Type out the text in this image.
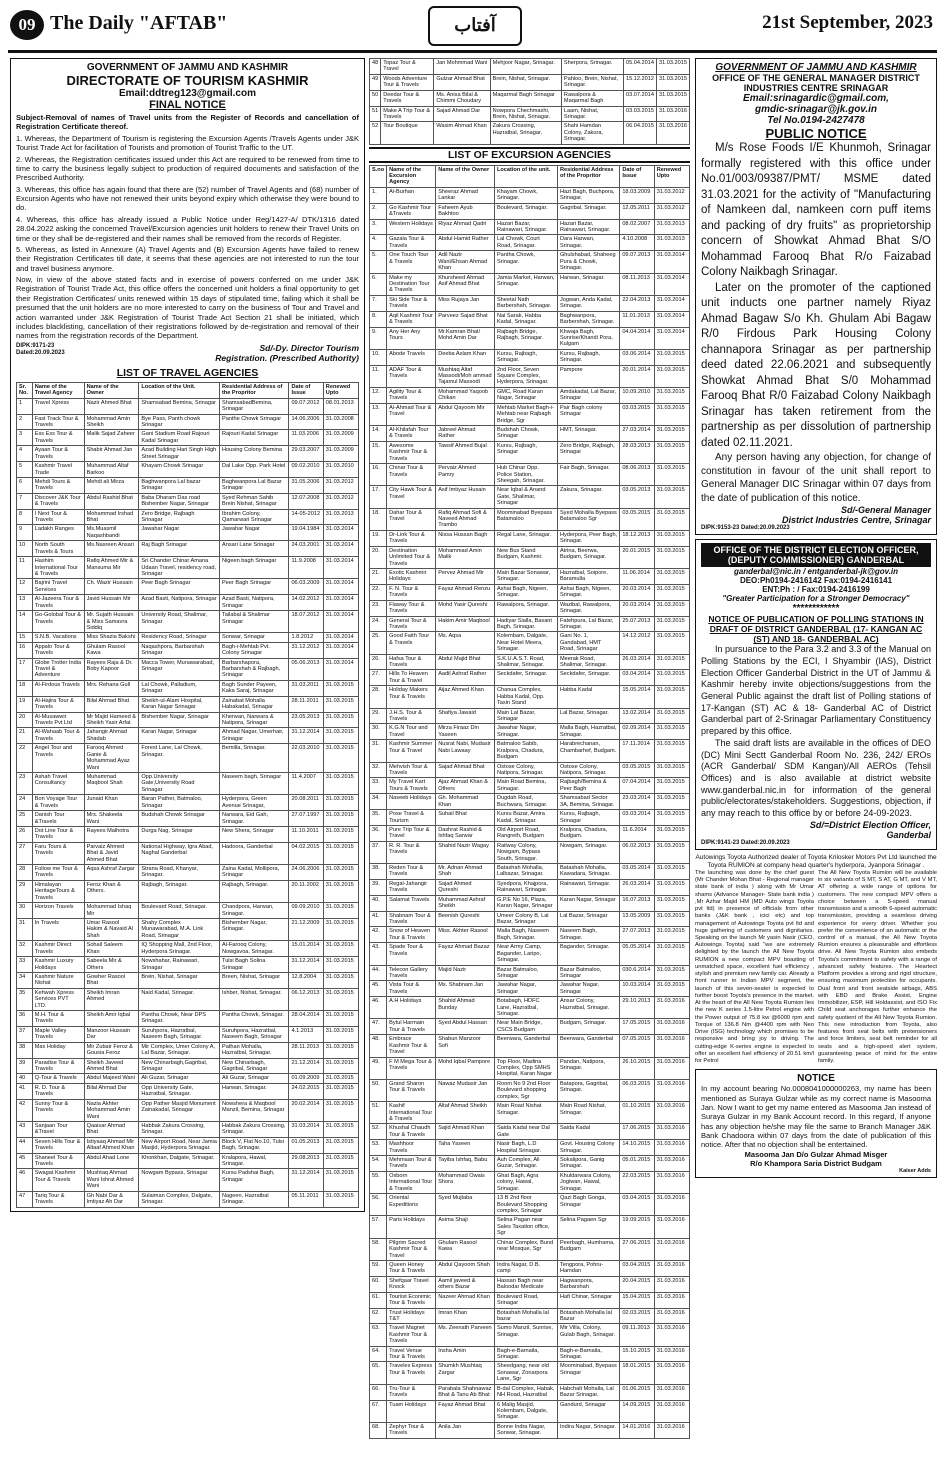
09 The Daily "AFTAB"	آفتاب	21st September, 2023
GOVERNMENT OF JAMMU AND KASHMIR
DIRECTORATE OF TOURISM KASHMIR
Email:ddtreg123@gmail.com
FINAL NOTICE

Subject-Removal of names of Travel units from the Register of Records and cancellation of Registration Certificate thereof.

1. Whereas, the Department of Tourism is registering the Excursion Agents /Travels Agents under J&K Tourist Trade Act for facilitation of Tourists and promotion of Tourist Traffic to the UT.

2. Whereas, the Registration certificates issued under this Act are required to be renewed from time to time to carry the business legally subject to production of required documents and satisfaction of the Prescribed Authority.

3. Whereas, this office has again found that there are (52) number of Travel Agents and (68) number of Excursion Agents who have not renewed their units beyond expiry which otherwise they were bound to do.

4. Whereas, this office has already issued a Public Notice under Reg/1427-A/ DTK/1316 dated 28.04.2022 asking the concerned Travel/Excursion agencies unit holders to renew their Travel Units on time or they shall be de-registered and their names shall be removed from the records of Register.

5. Whereas, as listed in Annexure (A) Travel Agents and (B) Excursion Agents have failed to renew their Registration Certificates till date, it seems that these agencies are not interested to run the tour and travel business anymore.

Now, in view of the above stated facts and in exercise of powers conferred on me under J&K Registration of Tourist Trade Act, this office offers the concerned unit holders a final opportunity to get their Registration Certificates/ units renewed within 15 days of stipulated time, failing which it shall be presumed that the unit holders are no more interested to carry on the business of Tour and Travel and action warranted under J&K Registration of Tourist Trade Act Section 21 shall be initiated, which includes blacklisting, cancellation of their registrations followed by de-registration and removal of their names from the registration records of the Department.

DIPK:9171-23
Dated:20.09.2023
Sd/-Dy. Director Tourism
Registration. (Prescribed Authority)
LIST OF TRAVEL AGENCIES
Sr. No.	Name of the Travel Agency	Name of the Owner	Location of the Unit.	Residential Address of the Propritor	Date of Issue	Renewed Upto
1	Travel Xpress	Nazir Ahmed Bhat	Shamsabad Bemina, Srinagar	ShamsabadBemina, Srinagar	09.07.2012	08.01.2013
2	Fast Track Tour & Travels	Mohammad Amin Sheikh	Bye Pass, Panth chowk Srinagar	Panthe Chowk Srinagar	14.06.2006	31.03.2008
3	Ess Ess Tour & Travels	Malik Sajad Zaheer	Gani Stadium Road Rajouri Kadal Srinagar	Rajouri Kadal Srinagar	11.03.2006	31.03.2009
4	Ayaan Tour & Travels	Shabir Ahmad Jan	Azad Building Hari Singh High Street Srinagar	Housing Colony Bemina	29.03.2007	31.03.2009
5	Kashmir Travel Trade	Muhammad Altaf Barkoo	Khayam Chowk Srinagar	Dal Lake Opp. Park Hotel	09.02.2010	31.03.2010
6	Mehdi Tours & Travels	Mehdi ali Mirza	Baghwanpora Lal bazar Srinagar	Baghwanpora Lal Bazar Srinagar	31.05.2006	31.03.2012
7	Discover J&K Tour & Travels	Abdul Rashid Bhat	Baba Dharam Das road Bishember Nagar, Srinagar	Syed Rehman Sahib Brein Nishat, Srinagar	12.07.2008	31.03.2012
8	I Next Tour & Travels	Mohammad Irshad Bhat	Zero Bridge, Rajbagh Srinagar	Ibrahim Colony, Qamarwari Srinagar	14-05-2012	31.03.2013
9	Ladakh Ranges	Ms.Muasmil Naqashbandi	Jawahar Nagar	Jawahar Nagar	19.04.1984	31.03.2014
10	North South Travels & Tours	Ms.Nasreen Ansari	Raj Bagh Srinagar	Ansari Lane Srinagar	24.03.2001	31.03.2014
11	Hashim International Tour & Travels	Rafiq Ahmed Mir & Mansuma Mir	Sri Chander Chinar Amana Udaan Travel, residency road, Srinagar	Nigeen bagh Srinagar	11.9.2008	31.03.2014
12	Bajrini Travel Services	Ch. Wazir Hussain	Peer Bagh Srinagar	Peer Bagh Srinagar	06.03.2009	31.03.2014
13	Al-Jazeera Tour & Travels	Javid Hussain Mir	Azad Basti, Natipora, Srinagar	Azad Basti, Natipora, Srinagar	14.02.2012	31.03.2014
14	Go-Golobal Tour & Travels	Mr. Sujath Hussain & Miss Samavra Siddiq	University Road, Shalimar, Srinagar	Tailabal & Shalimar Srinagar	18.07.2012	31.03.2014
15	S.N.B. Vacations	Miss Shazia Bakshi	Residency Road, Srinagar	Sonwar, Srinagar	1.8.2012	31.03.2014
16	Appalo Tour & Travels	Ghulam Rasool Kawa	Naqashpora, Barbarshah Srinagar	Bagh-i-Mehtab Pvt. Colony Srinagar	31.12.2012	31.03.2014
17	Globe Trotter India Travel & Adventure	Rayees Raja & Dr. Boby Kapoor	Macca Tower, Munawarabad, Srinagar	Barbarshapora, Barbarshah & Rajbagh, Srinagar	05.06.2013	31.03.2014
18	Al-Firdous Travels	Mrs. Rehana Gull	Lal Chowk, Palladium, Srinagar	Bagh Sunder Payeen, Kaka Saraj, Srinagar	31.03.2011	31.03.2015
19	Al-Hajira Tour & Travels	Bilal Ahmad Bhat	Sheikh-ul-Alam Hospital, Karan Nagar Srinagar	Zainabat Mohalla Habakadal, Srinagar	28.11.2011	31.03.2015
20	Al-Musawwir Travels Pvt Ltd	Mr Majid Hameed & Sheikh Yasir Arfat	Bishember Nagar, Srinagar	Kherwan, Narwara & Natipora, Srinagar	23.05.2013	31.03.2015
21	Al-Wahaab Tour & Travels	Jahangir Ahmad Shadab	Karan Nagar, Srinagar	Ahmad Nagar, Umerhair, Srinagar	31.12.2014	31.03.2015
22	Angel Tour and Travels	Farooq Ahmed Ganie & Mohammad Ayaz Wani	Forest Lane, Lal Chowk, Srinagar.	Bemilla, Srinagar.	22.03.2010	31.03.2015
23	Ashah Travel Consultancy	Muhammad Maqbool Shah	Opp.University Gate,University Road Srinagar	Naseem bagh, Srinagar	11.4.2007	31.03.2015
24	Bon Voyage Tour & Travels	Junaid Khan	Baran Pather, Batmaloo, Srinagar	Hyderpora, Green Avenue Srinagar,	20.08.2011	31.03.2015
25	Danish Tour &Travels	Mrs. Shakeela Wani	Budshah Chowk Srinagar	Narwara, Eid Gah, Srinagar.	27.07.1997	31.03.2015
26	Dot Line Tour & Travels	Rayees Malhotra	Durga Nag, Srinagar	New Shera, Srinagar	11.10.2011	31.03.2015
27	Faru Tours & Travels	Parvaiz Ahmed Bhat & Javid Ahmed Bhat	National Highway, Igra Abad, Naghal Ganderbal	Hadoora, Ganderbal	04.02.2015	31.03.2015
28	Follow me Tour & Travels	Aqsa Ashraf Zargar	Strana Road, Khanyar, Srinagar.	Zaina Kadal, Mollipora, Srinagar	24.06.2006	31.03.2015
29	Himalayan HeritageTours & Travels	Feroz Khan & Others.	Rajbagh, Srinagar.	Rajbagh, Srinagar.	20.11.2002	31.03.2015
30	Horizon Travels	Mohammad Ishaq Mir	Boulevard Road, Srinagar.	Chandpora, Harwan, Srinagar.	09.09.2010	31.03.2015
31	In Travels	Umar Rasool Hakim & Navaid Al Shah	Shahy Complex Munawarabad, M.A. Link Road, Srinagar	Bishember Nagar, Srinagar.	21.12.2009	31.03.2015
32	Kashmir Direct Travels	Sohail Saleem Khan	IQ Shopping Mall, 2nd Floor, Hyderpora Srinagar.	Al-Farooq Colony, Nowgavoa, Srinagar.	15.01.2014	31.03.2015
33	Kashmir Luxury Holidays	Sabeela Mir & Others	Nowshahar, Rainawari, Srinagar	Tulsi Bagh Solina Srinagar	31.12.2014	31.03.2015
34	Kashmir Nature Nishat	Gowher Rasool Bhat	Brein, Nishat, Srinagar	Breen, Nishat, Srinagar	12.8.2004	31.03.2015
35	Kehwah Xpress Services PVT LTD.	Sheikh Imran Ahmed	Naid Kadal, Srinagar.	Ishber, Nishat, Srinagar.	06.12.2013	31.03.2015
36	M.H. Tour & Travels	Sheikh Amir Iqbal	Pantha Chowk, Near DPS Srinagar.	Pantha Chowk, Srinagar.	28.04.2014	31.03.2015
37	Maple Valley Travels	Manzoor Hussain Dar	Suruhpora, Hazratbal, Naseem Bagh, Srinagar.	Suruhpora, Hazratbal, Naseem Bagh, Srinagar	4.1.2013	31.03.2015
38	Max Holiday	Mir Zubair Feroz & Gousia Feroz	Mir Complex, Umer Colony A, Lal Bazar, Srinagar.	Pathan Mohalla, Hazratbal, Srinagar.	28.11.2013	31.03.2015
39	Paradise Tour & Travels	Sheikh Javeed Ahmed Bhat	New Chinarbagh,Gagribal, Srinagar	New Chinarbagh, Gagribal, Srinagar	21.12.2014	31.03.2015
40	Q-Tour & Travels	Abdul Majeed Wani	Ali Guzar, Srinagar	Ali Guzar, Srinagar	01.09.2009	31.03.2015
41	R. D. Tour & Travels	Bilal Ahmad Dar	Opp University Gate, Hazratbal, Srinagar.	Harwan, Srinagar.	24.02.2015	31.03.2015
42	Sunny Tour & Travels	Nazia Akhter Mohammad Amin Wani	Opp Pather Masjid Monument Zainakadal, Srinagar	Nowshera & Maqbool Manzil, Bemina, Srinagar	20.02.2014	31.03.2015
43	Sanjaan Tour &Travel	Qaaisar Ahmad Bhat	Habbak Zakura Crossing, Srinagar.	Habbak Zakura Crossing, Srinagar.	31.03.2014	31.03.2015
44	Seven Hills Tour & Travels	Istiyaaq Ahmad Mir Altaaf Ahmed Khan	New Airport Road, Near Jamia Masjid, Hyderpora Srinagar.	Block V, Flat No.10, Tulsi Bagh, Srinagar.	01.05.2013	31.03.2015
45	Shaneel Tour & Travels	Abdul Ahad Lone	Khonkhan, Dalgate, Srinagar.	Kralapora, Hawal, Srinagar.	29.08.2013	31.03.2015
46	Swagat Kashmir Tour & Travels	Mushtaq Ahmad Wani Ishrat Ahmed Wani	Nowgam Bypass, Srinagar	Kursu Padshai Bagh, Srinagar	31.12.2014	31.03.2015
47	Tariq Tour & Travels	Gh Nabi Dar & Imtiyaz Ah Dar	Sulaiman Complex, Dalgate, Srinagar.	Nageen, Hazratbal Srinagar.	05.11.2011	31.03.2015
48	Topaz Tour & Travel	Jan Mohmmad Wani	Mehjoor Nagar, Srinagar.	Sherpora, Srinagar.	05.04.2014	31.03.2015
49	Woods Adventure Tour & Travels	Gulzar Ahmad Bhat	Brein, Nishat, Srinagar.	Pahloo, Brein, Nishat, Srinagar.	15.12.2012	31.03.2015
50	Deedar Tour & Travels	Ms. Anisa Bilal & Chimmi Choudary	Maqarmal Bagh Srinagar	Rawalpora & Maqarmal Bagh	03.07.2014	31.03.2015
51	Make A Trip Tour & Travels	Sajad Ahmad Dar	Nowpora Chechmashi, Brein, Nishat, Srinagar.	Laam, Nishat, Srinagar.	03.03.2015	31.03.2016
52	Tour Boutique	Wasim Ahmad Khan	Zakura Crossing, Hazratbal, Srinagar.	Shahi Hamdan Colony, Zakura, Srinagar.	06.04.2015	31.03.2016
LIST OF EXCURSION AGENCIES
S.no	Name of the Excursion Agency	Name of the Owner	Location of the unit.	Residential Address of the Propritor	Date of Issue	Renewed Upto
1.	Al-Burhan	Sheeraz Ahmad Lankar	Khayam Chowk, Srinagar.	Hazi Bagh, Buchpora, Srinagar.	18.03.2009	31.03.2012
2.	Go Kashmir Tour &Travels	Faheem Ayub Bakhtoo	Boulevard, Srinagar.	Gagribal, Srinagar.	12.05.2011	31.03.2012
3.	Western Holidays	Riyaz Ahmad Qadri	Hazari Bazar, Rainawari, Srinagar.	Hazari Bazar, Rainawari, Srinagar.	08.02.2007	31.03.2013
4.	Gazala Tour & Travels	Abdul Hamid Rather	Lal Chowk, Court Road, Srinagar.	Dara Harwan, Srinagar.	4.10.2008	31.03.2013
5.	One Touch Tour & Travels	Adil Nazir Wani/Ehsan Ahmad Khan	Pantha Chowk, Srinagar.	Ghulshabad, Shaheeg Pura & Chowk, Srinagar.	09.07.2013	31.03.2014
6.	Make my Destination Tour & Travels	Khursheed Ahmad Asif Ahmad Bhat	Jamia Market, Harwan, Srinagar.	Harwan, Srinagar.	08.11.2013	31.03.2014
7.	Ski Side Tour & Travels	Miss Rujaya Jan	Sheetal Nath Barbershah, Srinagar.	Jogwan, Anda Kadal, Srinagar.	22.04.2013	31.03.2014
8.	Aqil Kashmir Tour & Travels	Parveez Sajad Bhat	Nai Sarak, Habba Kadal, Srinagar.	Baghwanpora, Barbershah, Srinagar.	11.01.2013	31.03.2014
9.	Any Her Any Tours	Mr.Kamran Bhat/ Mohd Amin Dar	Rajbagh Bridge, Rajbagh, Srinagar.	Khwaja Bagh, Sunrise/Khandi Pora, Kulgam	04.04.2014	31.03.2014
10.	Abode Travels	Deeba Aslam Khan	Kursu, Rajbagh, Srinagar.	Kursu, Rajbagh, Srinagar.	03.06.2014	31.03.2015
11.	ADAF Tour & Travels	Mushtaq Altaf Massodi/Moh ammad Tajamul Massodi	2nd Floor, Seven Square Complex, Hyderpora, Srinagar.	Pampore	20.01.2014	31.03.2015
12.	Agility Tour & Travels	Mohammad Yaqoob Chikan	GMC, Road Karan Nagar, Srinagar	Amdakadal, Lal Bazar, Srinagar	10.09.2010	31.03.2015
13.	Al-Ahmad Tour & Travel	Abdul Qayoom Mir	Mehtab Market Bagh-i-Mehtab near Rajbagh Bridge, Sgr	Pair Bagh colony Srinagar	03.03.2015	31.03.2015
14.	Al-Khilafah Tour & Travels	Jabreel Ahmad Rather	Budshah Chowk, Srinagar	HMT, Srinagar.	27.03.2014	31.03.2015
15.	Awesome Kashmir Tour & Travels	Tawsif Ahmed Bujal	Kursu, Rajbagh, Srinagar	Zero Bridge, Rajbagh, Srinagar	28.03.2013	31.03.2015
16.	Chinar Tour & Travels	Pervaiz Ahmed Pamry	Hub Chinar Opp. Police Station, Sheegah, Srinagar.	Fair Bagh, Srinagar.	08.06.2013	31.03.2015
17.	City Hawk Tour & Travel	Asif Imtiyaz Husain	Near Iqbal & Anand Gate, Shalimar, Srinagar	Zakura, Srinagar.	03.05.2013	31.03.2015
18.	Dahar Tour & Travel	Rafiq Ahmad Sofi & Naveed Ahmad Trambo	Moominabad Byepass Batamaloo	Syed Mohalla Byepass Batamaloo Sgr	03.05.2015	31.03.2015
19.	Dr-Link Tour & Travels	Nissa Hussan Bagh	Regal Lane, Srinagar.	Hyderpora, Peer Bagh, Srinagar.	18.12.2013	31.03.2015
20.	Destination Unlimited Tour & Travels	Mohammad Amin Malik	New Bus Stand Budgam, Kashmir.	Atrina, Beerwa, Budgam, Srinagar.	20.01.2015	31.03.2015
21.	Exotic Kashmir Holidays	Pervez Ahmad Mir	Main Bazar Sonawar, Srinagar.	Hazratbal, Soipore, Baramulla	11.06.2014	31.03.2015
22.	F. N. Tour & Travels	Fayaz Ahmad Renzu	Ashai Bagh, Nigeen, Srinagar.	Ashai Bagh, Nigeen, Srinagar.	20.03.2014	31.03.2015
23.	Flaway Tour & Travels	Mohd Yasir Qureshi	Rawalpora, Srinagar.	Wazibal, Rawalpora, Srinagar.	20.03.2014	31.03.2015
24.	General Tour & Travels	Hakim Amir Maqbool	Hadiyar Sialla, Basant Bagh, Srinagar.	Fatehpura, Lal Bazar, Srinagar.	25.07.2013	31.03.2015
25.	Good Faith Tour & Travels	Ms. Aqsa	Kolembam, Dalgate, Near Hotel Meera, Srinagar.	Gani No. 1, Gandabad, HMT Road, Srinagar	14.12.2012	31.03.2015
26.	Hafsa Tour & Travels	Abdul Majid Bhat	S.K.U.A.S.T. Road, Shalimar, Srinagar.	Meerak Road, Shalimar, Srinagar.	26.03.2014	31.03.2015
27.	Hills To Heaven Tour & Travel	Aadil Ashraf Rather	Seckdafer, Srinagar.	Seckdafer, Srinagar.	03.04.2014	31.03.2015
28.	Holiday Makers Tour & Travels	Aijaz Ahmed Khan	Chanua Complex, Habba Kadal, Opp. Taxin Stand	Habba Kadal	15.05.2014	31.03.2015
29.	J.H.S. Tour & Travels	Shafiya Jawaid	Main Lal Bazar, Srinagar	Lal Bazar, Srinagar.	13.02.2014	31.03.2015
30.	K.G.N Tour and Travel	Mirza Firaaz Din Yaseen	Jawahar Nagar, Srinagar.	Malla Bagh, Hazratbal, Srinagar.	02.09.2014	31.03.2015
31.	Kashmir Summer Tour & Travel	Nusrat Nabi, Mudasir Nabi Lawaay	Batmaloo Sabib, Kralpora, Chadura, Budgam	Harabrechanan, Chambarhef, Budgam.	17.11.2014	31.03.2015
32.	Mehvish Tour & Travels	Sajad Ahmad Bhat	Ostose Colony, Natipora, Srinagar.	Ostose Colony, Natipora, Srinagar.	03.05.2015	31.03.2015
33.	My Travel Kart Tours & Travels	Ajaz Ahmad Khan & Others	Main Road Bemina, Srinagar.	Rajbagh/Bemina & Peer Bagh	07.04.2014	31.03.2015
34.	Naseeb Holidays	Gh. Mohammad Khan	Dugdah Road, Buchwara, Srinagar.	Shamsabad Sector 3A, Bemina, Srinagar.	23.03.2014	31.03.2015
35.	Pose Travel & Tourism	Suhail Bhat	Kursu Bazar, Amira Kadal, Srinagar.	Kursu, Rajbagh, Srinagar	03.03.2014	31.03.2015
36.	Pure Trip Tour & Travel	Dashrat Rashid & Ishfaq Sarwar	Old Airport Road, Rangreth, Budgam	Kralpora, Chadura, Budgam.	11.6.2014	31.03.2015
37.	R. R. Tour & Travels	Shahid Nazir Wagay	Railway Colony, Nowgam, Bypass South, Srinagar.	Nowgam, Srinagar.	06.02.2013	31.03.2015
38.	Reden Tour & Travels	Mr. Adnan Ahmad Shah	Batashah Mohalla, Lalbazar, Srinagar.	Batashah Mohalla, Kawadara, Srinagar.	03.05.2014	31.03.2015
39.	Regal-Jahangir Travels	Sajad Ahmed Qureshi	Syedpora, Khajpora, Rainawari, Srinagar.	Rainawari, Srinagar.	26.03.2014	31.03.2015
40.	Salamat Travels	Muhammad Ashraf Sheikh	G.P.E No 16, Plaza, Karan Nagar, Srinagar	Karan Nagar, Srinagar	16.07.2013	31.03.2015
41.	Shabnam Tour & Travels	Beenish Qureshi	Umeer Colony B, Lal Bazar, Srinagar	Lal Bazar, Srinagar	13.05.2009	31.03.2015
42.	Snow of Heaven Tour & Travels	Miss. Akhter Rasool	Malla Bagh, Naseem Bagh, Srinagar.	Naseem Bagh, Srinagar.	27.07.2013	31.03.2015
43.	Spade Tour & Travels	Fayaz Ahmad Bazaz	Near Army Camp, Bagander, Laripo, Srinagar.	Bagander, Srinagar.	05.05.2014	31.03.2015
44.	Telecon Gallery Travels	Majid Nazir	Bazar Batmaloo, Srinagar	Bazar Batmaloo, Srinagar	030.6.2014	31.03.2015
45.	Vista Tour & Travels	Ms. Shabnam Jan	Jawahar Nagar, Srinagar	Jawahar Nagar, Srinagar	10.03.2014	31.03.2015
46.	A.H Holidays	Shahid Ahmad Bunday	Botabagh, HDFC Lane, Hazratbal, Srinagar.	Ansar Colony, Hazratbal, Srinagar.	29.10.2013	31.03.2016
47.	Bytul Harmain Tour & Travels	Syed Abdul Hassan	Near Main Bridge, CSCS Budgam	Budgam, Srinagar.	17.05.2015	31.03.2016
48.	Embrace Kashmir Tour & Travel	Shabun Manzoor Sofi	Beerwara, Ganderbal	Beerwara, Ganderbal	07.05.2015	31.03.2016
49.	F M Mega Tour & Travels	Mohd Iqbal Pampore	Top Floor, Madina Complex, Opp SMHS Hospital, Karan Nagar	Pandan, Natipora, Srinagar.	26.10.2015	31.03.2016
50.	Grand Sharon Tour & Travels	Nawaz Mudasir Jan	Room No 9 2nd Floor Boulevard shopping complex, Sgr	Batapora, Gagribal, Srinagar.	06.03.2015	31.03.2016
51.	Kashif International Tour & Travels	Altaf Ahmad Sheikh	Main Road Nishat Srinagar.	Main Road Nishat, Srinagar.	01.10.2015	31.03.2016
52.	Khushal Chaudh Tour & Travels	Sajid Ahmad Khan	Saida Kadal near Dal Gate	Saida Kadal	17.06.2015	31.03.2016
53.	Mashhoor Travels	Taha Yaseen	Nasir Bagh, L.D Hospital Srinagar.	Govt. Housing Colony Srinagar.	14.10.2015	31.03.2016
54.	Mehmaan Tour & Travels	Tayiba Ishfaq, Babu	Auh Complex, Ali Guzar, Srinagar.	Sokalipora, Ganig Srinagar.	05.01.2015	31.03.2016
55.	Oxborn International Tour & Travels	Mohammad Owais Shora	Ghat Bagh, Agra colony, Hawal, Srinagar.	Khuldarwara Colony, Jogiwan, Hawal, Srinagar.	22.03.2015	31.03.2016
56.	Oriental Expeditions	Syed Mujtaba	13 B 2nd floor Boulevard Shopping complex, Srinagar	Qazi Bagh Gonga, Srinagar	03.04.2015	31.03.2016
57.	Paris Holidays	Asima Shaji	Selina Pagan near Sales Taxation office, Sgr	Selina Pagaen Sgr	19.09.2015	31.03.2016
58.	Pilgrim Sacred Kashmir Tour & Travel	Ghulam Rasool Kawa	Chinar Complex, Bund near Mosque, Sgr	Peerbagh, Humhama, Budgam	27.06.2015	31.03.2016
59.	Queen Honey Tour & Travels	Abdul Qayoom Shah	Indra Nagar, D.B. camp	Tengpora, Pohru-Hamdan	03.04.2015	31.03.2016
60.	Shefqaar Travel Knock	Aamil javeed & others Bazar	Hassan Bagh near Baloodar Medicate	Hagwanpora, Barbarshah	20.04.2015	31.03.2016
61.	Touriist Econimic Tour & Travels	Nazeer Ahmad Khan	Boulevard Road, Srinagar	Hafi Chinar, Srinagar	15.04.2015	31.03.2016
62.	Trust Holidays T&T	Imran Khan	Botashah Mohalla lal bazar	Botashah Mohalla lal Bazar	02.03.2015	31.03.2016
63.	Travel Magnet Kashmir Tour & Travels	Ms. Zeenath Parveen	Sumo Manzil, Sunrise, Srinagar.	Mir Villa, Colony, Gulab Bagh, Srinagar.	09.11.2013	31.03.2016
64.	Travel Venue Tour & Travels	Insha Amin	Bagh-e-Barnaila, Srinagar.	Bagh-e-Barnaila, Srinagar.	15.10.2015	31.03.2016
65.	Travelex Express Tour & Travels	Shumkh Mushtaq Zargar	Sheedgang, near old Sonawar, Zonarpora Lane, Sgr	Moominabad, Byepass Srinagar	18.01.2015	31.03.2016
66.	Tru-Tour & Travels	Parabala Shahnawaz Bhat & Tanu Ab Bhat	B-dal Complex, Habak, NH Road, Hazratbal	Habchalt Mohalla, Lal Bazar Srinagar.	01.06.2015	31.03.2016
67.	Tuam Holidays	Fayaz Ahmad Bhat	6 Malig Masjid, Kolembam, Dalgate, Srinagar.	Gandurd, Srinagar	14.09.2015	31.03.2016
68.	Zephyr Tour & Travels	Anila Jan	Bonne Indra Nagar, Sonwar, Srinagar.	Indira Nagar, Srinagar.	14.01.2016	31.03.2016
GOVERNMENT OF JAMMU AND KASHMIR
OFFICE OF THE GENERAL MANAGER DISTRICT INDUSTRIES CENTRE SRINAGAR
Email:srinagardic@gmail.com,
gmdic-srinagar@jk.gov.in
Tel No.0194-2427478
PUBLIC NOTICE
M/s Rose Foods I/E Khunmoh, Srinagar formally registered with this office under No.01/003/09387/PMT/ MSME dated 31.03.2021 for the activity of "Manufacturing of Namkeen dal, namkeen corn puff items and packing of dry fruits" as proprietorship concern of Showkat Ahmad Bhat S/O Mohammad Farooq Bhat R/o Faizabad Colony Naikbagh Srinagar.
Later on the promoter of the captioned unit inducts one partner namely Riyaz Ahmad Bagaw S/o Kh. Ghulam Abi Bagaw R/0 Firdous Park Housing Colony channapora Srinagar as per partnership deed dated 22.06.2021 and subsequently Showkat Ahmad Bhat S/0 Mohammad Farooq Bhat R/0 Faizabad Colony Naikbagh Srinagar has taken retirement from the partnership as per dissolution of partnership dated 02.11.2021.
Any person having any objection, for change of constitution in favour of the unit shall report to General Manager DIC Srinagar within 07 days from the date of publication of this notice.
Sd/-General Manager
District Industries Centre, Srinagar
DIPK:9153-23 Dated:20.09.2023
OFFICE OF THE DISTRICT ELECTION OFFICER, (DEPUTY COMMISSIONER) GANDERBAL
ganderbal@nic.in / entganderbal-jk@gov.in
DEO:Ph0194-2416142 Fax:0194-2416141
ENT:Ph : / Fax:0194-2416199
"Greater Participation for a Stronger Democracy"
************
NOTICE OF PUBLICATION OF POLLING STATIONS IN DRAFT OF DISTRICT GANDERBAL (17- KANGAN AC (ST) AND 18- GANDERBAL AC)
In pursuance to the Para 3.2 and 3.3 of the Manual on Polling Stations by the ECI, I Shyambir (IAS), District Election Officer Ganderbal District in the UT of Jammu & Kashmir hereby invite objections/suggestions from the General Public against the draft list of Polling stations of 17-Kangan (ST) AC & 18- Ganderbal AC of District Ganderbal part of 2-Srinagar Parliamentary Constituency prepared by this office.
The said draft lists are available in the offices of DEO (DC) Mini Sectt Ganderbal Room No. 236, 242/ EROs (ACR Ganderbal/ SDM Kangan)/All AEROs (Tehsil Offices) and is also available at district website www.ganderbal.nic.in for information of the general public/electorates/stakeholders. Suggestions, objection, if any may reach to this office by or before 24-09-2023.
Sd/=District Election Officer,
Ganderbal
DIPK:9141-23 Dated:20.09.2023
Autowings Toyota Authorized dealer of Toyota Krilosker Motors Pvt Ltd launched the Toyota RUMION at company head quarter's hyderpora, Jyanpora Srinagar .

The launching was done by the chief guest (Mr Chander Mohan Bhat - Regional manager state bank of india ) along with Mr Umar shams (Advance Manager- State bank india ) ,Mr Azhar Majid HM (MD Auto wings Toyota pvt ltd) in presence of officials from other banks (J&K bank , icici etc) and top management of Autowings Toyota pvt ltd and huge gathering of customers and dignitaries. Speaking on the launch Mr yasin Nasir (CEO, Autowings Toyota) said "we are extremely delighted by the launch the All New Toyota RUMION a new compact MPV boasting of unmatched space, excellent fuel efficiency , stylish and premium new family car. Already a front runner in Indian MPV segment, the launch of this seven-seater is expected to further boost Toyota's presence in the market. At the heart of the All New Toyota Rumion lies the new K series 1.5-litre Petrol engine with the Power output of 75.8 kw @6000 rpm and Torque of 136.8 Nm @4400 rpm with Neo Drive (ISG) technology which promises to be responsive and bring joy to driving. The cutting-edge K-series engine is expected to offer an excellent fuel efficiency of 20.51 km/l for Petrol

The All New Toyota Rumion will be available in six variants of S MT, S AT, G MT, and V MT, AT offering a wide range of options for customers. The new compact MPV offers a choice between a 5-speed manual transmission and a smooth 6-speed automatic transmission, providing a seamless driving experience for every driver. Whether you prefer the convenience of an automatic or the control of a manual, the All New Toyota Rumion ensures a pleasurable and effortless drive. All New Toyota Rumion also embeds Toyota's commitment to safety with a range of advanced safety features. The Heartect Platform provides a strong and rigid structure, ensuring maximum protection for occupants. Dual front and front seatside airbags, ABS with EBD and Brake Assist, Engine Immobilizer, ESP, Hill Holdassist, and ISO Fix Child seat anchorages further enhance the safety quotient of the All New Toyota Rumion. This new introduction from Toyota, also features front seat belts with pretensioners and force limiters, seat belt reminder for all seats and a high-speed alert system, guaranteeing peace of mind for the entire family.

NOTICE
In my account bearing No.0008041000000263, my name has been mentioned as Suraya Gulzar while as my correct name is Masooma Jan. Now I want to get my name entered as Masooma Jan instead of Suraya Gulzar in my Bank Account record. In this regard, If anyone has any objection he/she may file the same to Branch Manager J&K Bank Chadoora within 07 days from the date of publication of this notice. After that no objection shall be entertained.
Masooma Jan D/o Gulzar Ahmad Misger
R/o Khampora Saria District Budgam
Kaiser Adds
